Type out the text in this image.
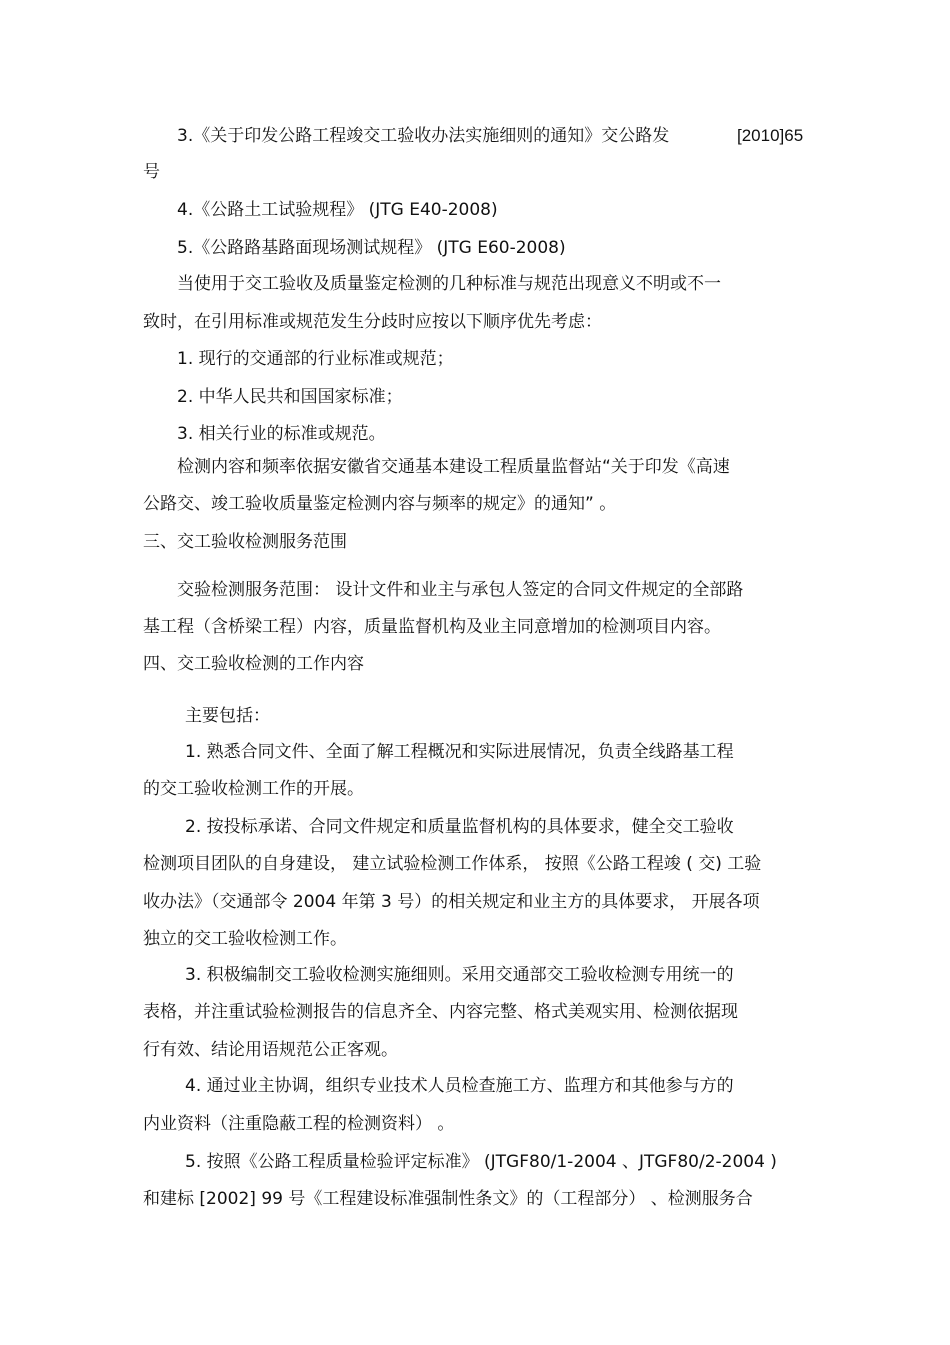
3.《关于印发公路工程竣交工验收办法实施细则的通知》交公路发	[2010]65
号
4.《公路土工试验规程》 (JTG E40-2008)
5.《公路路基路面现场测试规程》 (JTG E60-2008)
当使用于交工验收及质量鉴定检测的几种标准与规范出现意义不明或不一
致时，在引用标准或规范发生分歧时应按以下顺序优先考虑：
1. 现行的交通部的行业标准或规范；
2. 中华人民共和国国家标准；
3. 相关行业的标准或规范。
检测内容和频率依据安徽省交通基本建设工程质量监督站“关于印发《高速
公路交、竣工验收质量鉴定检测内容与频率的规定》的通知” 。
三、交工验收检测服务范围
交验检测服务范围： 设计文件和业主与承包人签定的合同文件规定的全部路
基工程（含桥梁工程）内容，质量监督机构及业主同意增加的检测项目内容。
四、交工验收检测的工作内容
主要包括：
1. 熟悉合同文件、全面了解工程概况和实际进展情况，负责全线路基工程
的交工验收检测工作的开展。
2. 按投标承诺、合同文件规定和质量监督机构的具体要求，健全交工验收
检测项目团队的自身建设， 建立试验检测工作体系， 按照《公路工程竣 ( 交) 工验
收办法》（交通部令 2004 年第 3 号）的相关规定和业主方的具体要求， 开展各项
独立的交工验收检测工作。
3. 积极编制交工验收检测实施细则。采用交通部交工验收检测专用统一的
表格，并注重试验检测报告的信息齐全、内容完整、格式美观实用、检测依据现
行有效、结论用语规范公正客观。
4. 通过业主协调，组织专业技术人员检查施工方、监理方和其他参与方的
内业资料（注重隐蔽工程的检测资料） 。
5. 按照《公路工程质量检验评定标准》 (JTGF80/1-2004 、JTGF80/2-2004 )
和建标 [2002] 99 号《工程建设标准强制性条文》的（工程部分） 、检测服务合
